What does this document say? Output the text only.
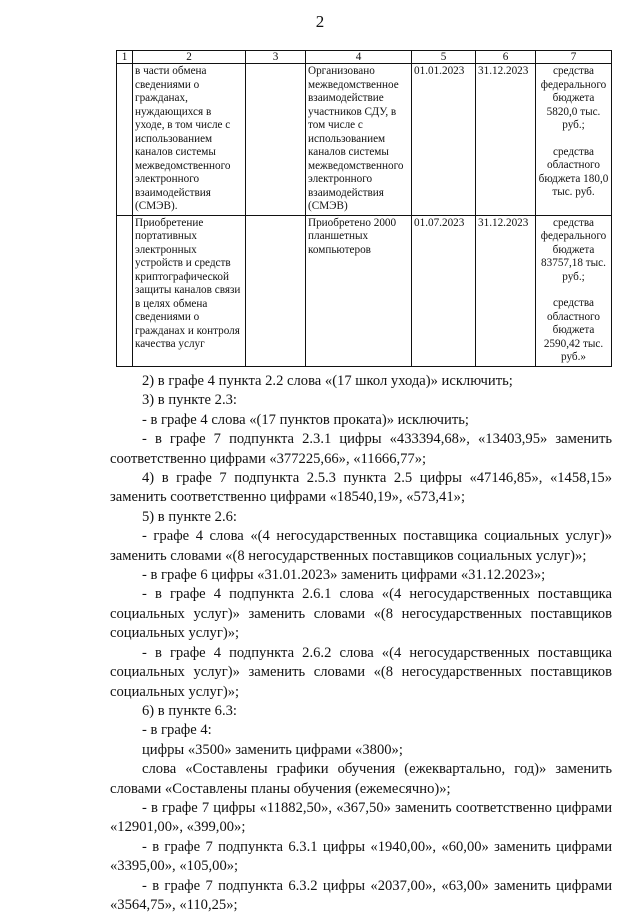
2
1	2	3	4	5	6	7
	в части обмена сведениями о гражданах, нуждающихся в уходе, в том числе с использованием каналов системы межведомственного электронного взаимодействия (СМЭВ).		Организовано межведомственное взаимодействие участников СДУ, в том числе с использованием каналов системы межведомственного электронного взаимодействия (СМЭВ)	01.01.2023	31.12.2023	средства федерального бюджета 5820,0 тыс. руб.;
средства областного бюджета 180,0 тыс. руб.

	Приобретение портативных электронных устройств и средств криптографической защиты каналов связи в целях обмена сведениями о гражданах и контроля качества услуг		Приобретено 2000 планшетных компьютеров	01.07.2023	31.12.2023	средства федерального бюджета 83757,18 тыс. руб.;
средства областного бюджета 2590,42 тыс. руб.»

2) в графе 4 пункта 2.2 слова «(17 школ ухода)» исключить;

3) в пункте 2.3:

- в графе 4 слова «(17 пунктов проката)» исключить;

- в графе 7 подпункта 2.3.1 цифры «433394,68», «13403,95» заменить соответственно цифрами «377225,66», «11666,77»;

4) в графе 7 подпункта 2.5.3 пункта 2.5 цифры «47146,85», «1458,15» заменить соответственно цифрами «18540,19», «573,41»;

5) в пункте 2.6:

- графе 4 слова «(4 негосударственных поставщика социальных услуг)» заменить словами «(8 негосударственных поставщиков социальных услуг)»;

- в графе 6 цифры «31.01.2023» заменить цифрами «31.12.2023»;

- в графе 4 подпункта 2.6.1 слова «(4 негосударственных поставщика социальных услуг)» заменить словами «(8 негосударственных поставщиков социальных услуг)»;

- в графе 4 подпункта 2.6.2 слова «(4 негосударственных поставщика социальных услуг)» заменить словами «(8 негосударственных поставщиков социальных услуг)»;

6) в пункте 6.3:

- в графе 4:

цифры «3500» заменить цифрами «3800»;

слова «Составлены графики обучения (ежеквартально, год)» заменить словами «Составлены планы обучения (ежемесячно)»;

- в графе 7 цифры «11882,50», «367,50» заменить соответственно цифрами «12901,00», «399,00»;

- в графе 7 подпункта 6.3.1 цифры «1940,00», «60,00» заменить цифрами «3395,00», «105,00»;

- в графе 7 подпункта 6.3.2 цифры «2037,00», «63,00» заменить цифрами «3564,75», «110,25»;
